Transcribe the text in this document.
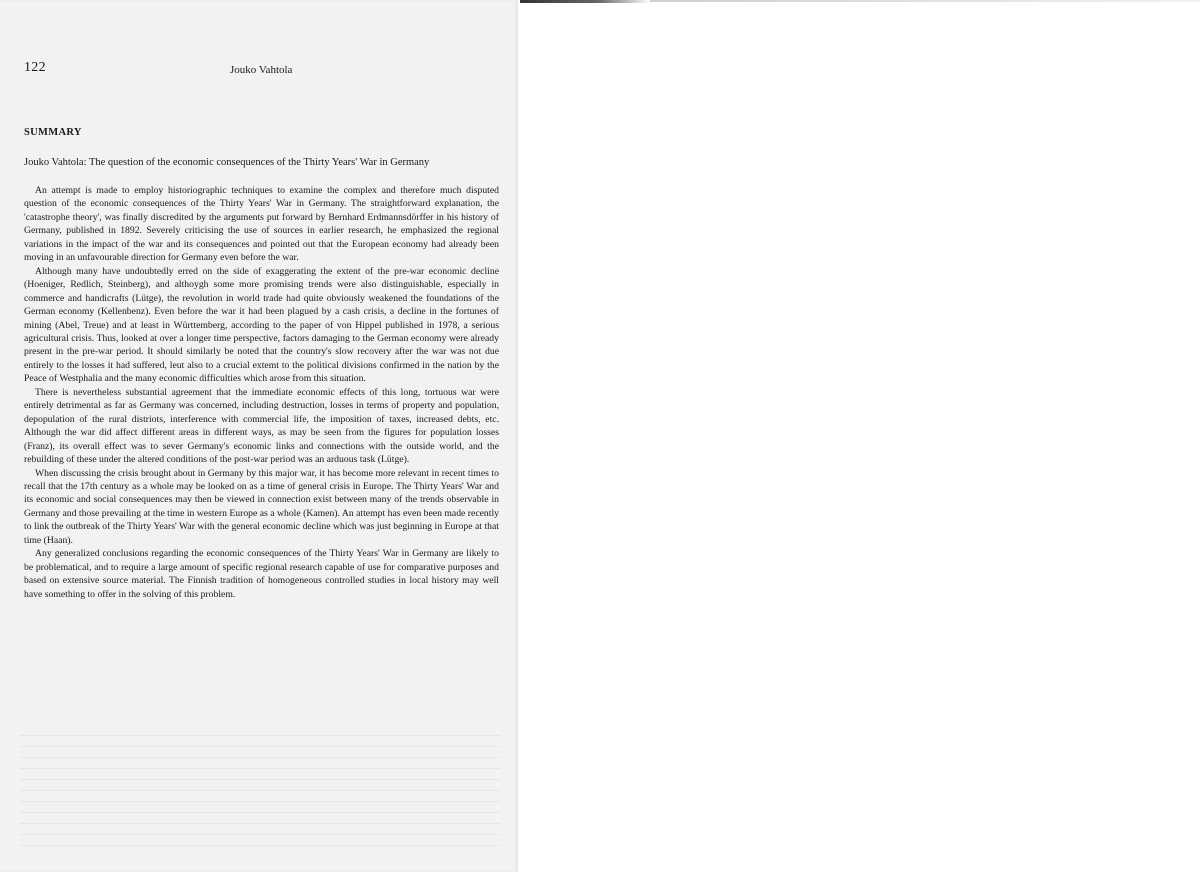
122	Jouko Vahtola
SUMMARY
Jouko Vahtola: The question of the economic consequences of the Thirty Years' War in Germany

An attempt is made to employ historiographic techniques to examine the complex and therefore much disputed question of the economic consequences of the Thirty Years' War in Germany. The straightforward explanation, the 'catastrophe theory', was finally discredited by the arguments put forward by Bernhard Erdmannsdörffer in his history of Germany, published in 1892. Severely criticising the use of sources in earlier research, he emphasized the regional variations in the impact of the war and its consequences and pointed out that the European economy had already been moving in an unfavourable direction for Germany even before the war.

Although many have undoubtedly erred on the side of exaggerating the extent of the pre-war economic decline (Hoeniger, Redlich, Steinberg), and althoygh some more promising trends were also distinguishable, especially in commerce and handicrafts (Lütge), the revolution in world trade had quite obviously weakened the foundations of the German economy (Kellenbenz). Even before the war it had been plagued by a cash crisis, a decline in the fortunes of mining (Abel, Treue) and at least in Württemberg, according to the paper of von Hippel published in 1978, a serious agricultural crisis. Thus, looked at over a longer time perspective, factors damaging to the German economy were already present in the pre-war period. It should similarly be noted that the country's slow recovery after the war was not due entirely to the losses it had suffered, leut also to a crucial extemt to the political divisions confirmed in the nation by the Peace of Westphalia and the many economic difficulties which arose from this situation.

There is nevertheless substantial agreement that the immediate economic effects of this long, tortuous war were entirely detrimental as far as Germany was concerned, including destruction, losses in terms of property and population, depopulation of the rural distriots, interference with commercial life, the imposition of taxes, increased debts, etc. Although the war did affect different areas in different ways, as may be seen from the figures for population losses (Franz), its overall effect was to sever Germany's economic links and connections with the outside world, and the rebuilding of these under the altered conditions of the post-war period was an arduous task (Lütge).

When discussing the crisis brought about in Germany by this major war, it has become more relevant in recent times to recall that the 17th century as a whole may be looked on as a time of general crisis in Europe. The Thirty Years' War and its economic and social consequences may then be viewed in connection exist between many of the trends observable in Germany and those prevailing at the time in western Europe as a whole (Kamen). An attempt has even been made recently to link the outbreak of the Thirty Years' War with the general economic decline which was just beginning in Europe at that time (Haan).

Any generalized conclusions regarding the economic consequences of the Thirty Years' War in Germany are likely to be problematical, and to require a large amount of specific regional research capable of use for comparative purposes and based on extensive source material. The Finnish tradition of homogeneous controlled studies in local history may well have something to offer in the solving of this problem.
